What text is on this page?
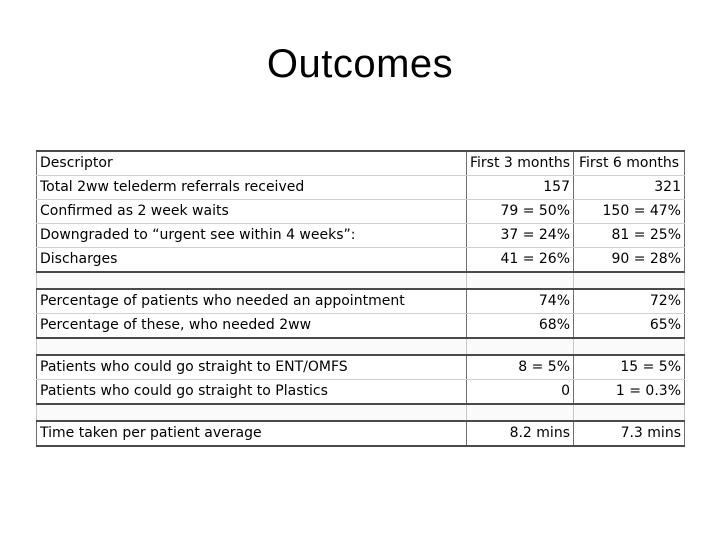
Outcomes
Descriptor	First 3 months	First 6 months
Total 2ww telederm referrals received	157	321
Confirmed as 2 week waits	79 = 50%	150 = 47%
Downgraded to “urgent see within 4 weeks”:	37 = 24%	81 = 25%
Discharges	41 = 26%	90 = 28%

Percentage of patients who needed an appointment	74%	72%
Percentage of these, who needed 2ww	68%	65%

Patients who could go straight to ENT/OMFS	8 = 5%	15 = 5%
Patients who could go straight to Plastics	0	1 = 0.3%

Time taken per patient average	8.2 mins	7.3 mins
